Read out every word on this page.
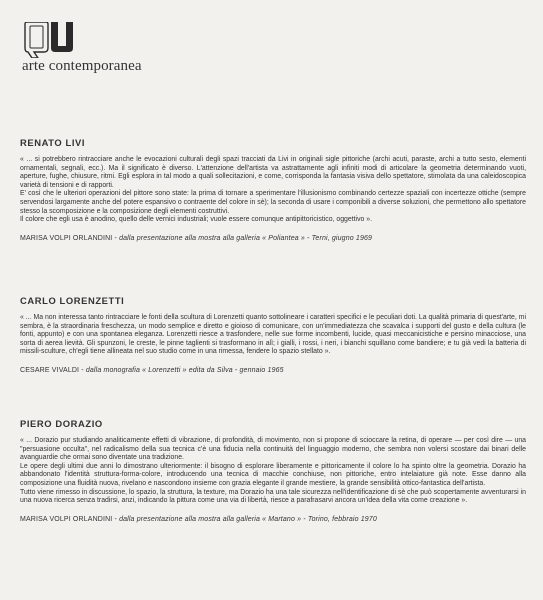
arte contemporanea
RENATO LIVI

« ... si potrebbero rintracciare anche le evocazioni culturali degli spazi tracciati da Livi in originali sigle pittoriche (archi acuti, paraste, archi a tutto sesto, elementi ornamentali, segnali, ecc.). Ma il significato è diverso. L'attenzione dell'artista va astrattamente agli infiniti modi di articolare la geometria determinando vuoti, aperture, fughe, chiusure, ritmi. Egli esplora in tal modo a quali sollecitazioni, e come, corrisponda la fantasia visiva dello spettatore, stimolata da una caleidoscopica varietà di tensioni e di rapporti.

E' così che le ulteriori operazioni del pittore sono state: la prima di tornare a sperimentare l'illusionismo combinando certezze spaziali con incertezze ottiche (sempre servendosi largamente anche del potere espansivo o contraente del colore in sè); la seconda di usare i componibili a diverse soluzioni, che permettono allo spettatore stesso la scomposizione e la composizione degli elementi costruttivi.

Il colore che egli usa è anodino, quello delle vernici industriali; vuole essere comunque antipittoricistico, oggettivo ».

MARISA VOLPI ORLANDINI - dalla presentazione alla mostra alla galleria « Poliantea » - Terni, giugno 1969
CARLO LORENZETTI

« ... Ma non interessa tanto rintracciare le fonti della scultura di Lorenzetti quanto sottolineare i caratteri specifici e le peculiari doti. La qualità primaria di quest'arte, mi sembra, è la straordinaria freschezza, un modo semplice e diretto e gioioso di comunicare, con un'immediatezza che scavalca i supporti del gusto e della cultura (le fonti, appunto) e con una spontanea eleganza. Lorenzetti riesce a trasfondere, nelle sue forme incombenti, lucide, quasi meccanicistiche e persino minacciose, una sorta di aerea lievità. Gli spunzoni, le creste, le pinne taglienti si trasformano in alì; i gialli, i rossi, i neri, i bianchi squillano come bandiere; e tu già vedi la batteria di missili-sculture, ch'egli tiene allineata nel suo studio come in una rimessa, fendere lo spazio stellato ».

CESARE VIVALDI - dalla monografia « Lorenzetti » edita da Silva - gennaio 1965
PIERO DORAZIO

« ... Dorazio pur studiando analiticamente effetti di vibrazione, di profondità, di movimento, non si propone di scioccare la retina, di operare — per così dire — una "persuasione occulta", nel radicalismo della sua tecnica c'è una fiducia nella continuità del linguaggio moderno, che sembra non volersi scostare dai binari delle avanguardie che ormai sono diventate una tradizione.

Le opere degli ultimi due anni lo dimostrano ulteriormente: il bisogno di esplorare liberamente e pittoricamente il colore lo ha spinto oltre la geometria. Dorazio ha abbandonato l'identità struttura-forma-colore, introducendo una tecnica di macchie conchiuse, non pittoriche, entro intelaiature già note. Esse danno alla composizione una fluidità nuova, rivelano e nascondono insieme con grazia elegante il grande mestiere, la grande sensibilità ottico-fantastica dell'artista.

Tutto viene rimesso in discussione, lo spazio, la struttura, la texture, ma Dorazio ha una tale sicurezza nell'identificazione di sè che può scopertamente avventurarsi in una nuova ricerca senza tradirsi, anzi, indicando la pittura come una via di libertà, riesce a parafrasarvi ancora un'idea della vita come creazione ».

MARISA VOLPI ORLANDINI - dalla presentazione alla mostra alla galleria « Martano » - Torino, febbraio 1970
